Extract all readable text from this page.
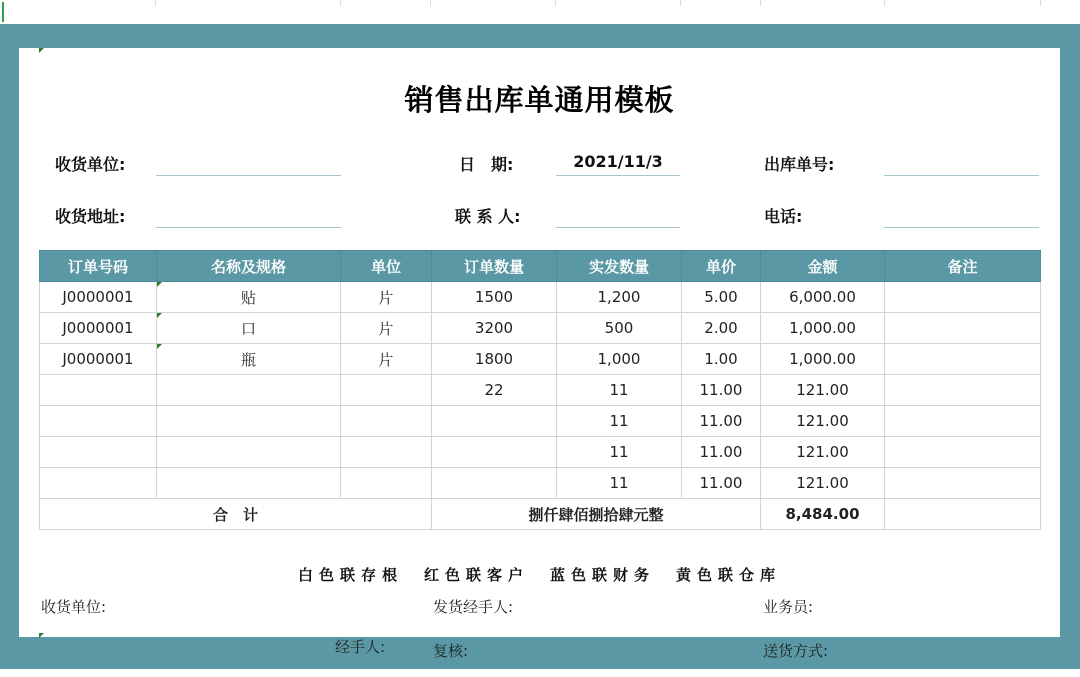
销售出库单通用模板
收货单位:	日　期:	2021/11/3	出库单号:
收货地址:	联 系 人:	电话:
订单号码	名称及规格	单位	订单数量	实发数量	单价	金额	备注
J0000001	贴	片	1500	1,200	5.00	6,000.00	
J0000001	口	片	3200	500	2.00	1,000.00	
J0000001	瓶	片	1800	1,000	1.00	1,000.00	
			22	11	11.00	121.00	
				11	11.00	121.00	
				11	11.00	121.00	
				11	11.00	121.00	
合　计			捌仟肆佰捌拾肆元整			8,484.00	
白色联存根　红色联客户　蓝色联财务　黄色联仓库
收货单位:	发货经手人:	业务员:
经手人:	复核:	送货方式:
